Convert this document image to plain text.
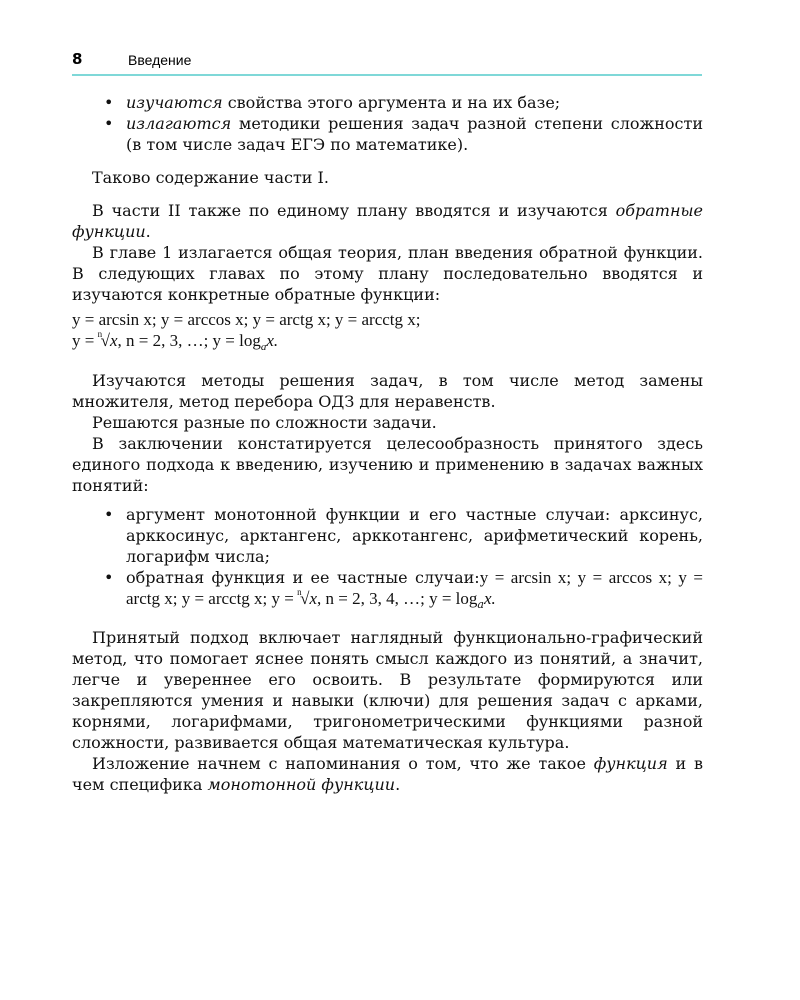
8	Введение
• изучаются свойства этого аргумента и на их базе;
• излагаются методики решения задач разной степени сложности (в том числе задач ЕГЭ по математике).

Таково содержание части I.

В части II также по единому плану вводятся и изучаются обратные функции.

В главе 1 излагается общая теория, план введения обратной функции. В следующих главах по этому плану последовательно вводятся и изучаются конкретные обратные функции:

y = arcsin x; y = arccos x; y = arctg x; y = arcctg x;

y = n
√x, n = 2, 3, …; $y = \log_ax$.

Изучаются методы решения задач, в том числе метод замены множителя, метод перебора ОДЗ для неравенств.

Решаются разные по сложности задачи.

В заключении констатируется целесообразность принятого здесь единого подхода к введению, изучению и применению в задачах важных понятий:

• аргумент монотонной функции и его частные случаи: арксинус, арккосинус, арктангенс, арккотангенс, арифметический корень, логарифм числа;
• обратная функция и ее частные случаи:y = arcsin x; y = arccos x; y = arctg x; y = arcctg x; y = n
√x, n = 2, 3, 4, …; $y = \log_ax$.

Принятый подход включает наглядный функционально-графический метод, что помогает яснее понять смысл каждого из понятий, а значит, легче и увереннее его освоить. В результате формируются или закрепляются умения и навыки (ключи) для решения задач с арками, корнями, логарифмами, тригонометрическими функциями разной сложности, развивается общая математическая культура.

Изложение начнем с напоминания о том, что же такое функция и в чем специфика монотонной функции.
